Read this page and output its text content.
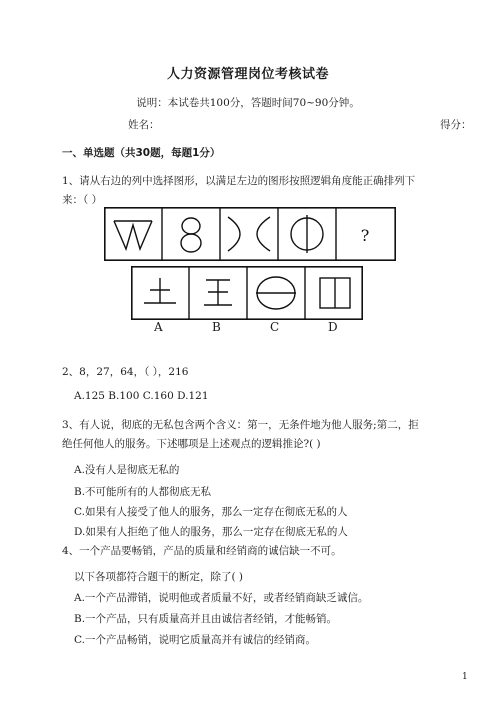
人力资源管理岗位考核试卷
说明：本试卷共100分，答题时间70~90分钟。
姓名：	得分：
一、单选题（共30题，每题1分）
1、请从右边的列中选择图形，以满足左边的图形按照逻辑角度能正确排列下
来：（ ）
?
A	B	C	D
2、8，27，64，（ ），216
A.125 B.100 C.160 D.121
3、有人说，彻底的无私包含两个含义：第一，无条件地为他人服务;第二，拒
绝任何他人的服务。下述哪项是上述观点的逻辑推论?( )
A.没有人是彻底无私的
B.不可能所有的人都彻底无私
C.如果有人接受了他人的服务，那么一定存在彻底无私的人
D.如果有人拒绝了他人的服务，那么一定存在彻底无私的人
4、一个产品要畅销，产品的质量和经销商的诚信缺一不可。
以下各项都符合题干的断定，除了( )
A.一个产品滞销，说明他或者质量不好，或者经销商缺乏诚信。
B.一个产品，只有质量高并且由诚信者经销，才能畅销。
C.一个产品畅销，说明它质量高并有诚信的经销商。
1
